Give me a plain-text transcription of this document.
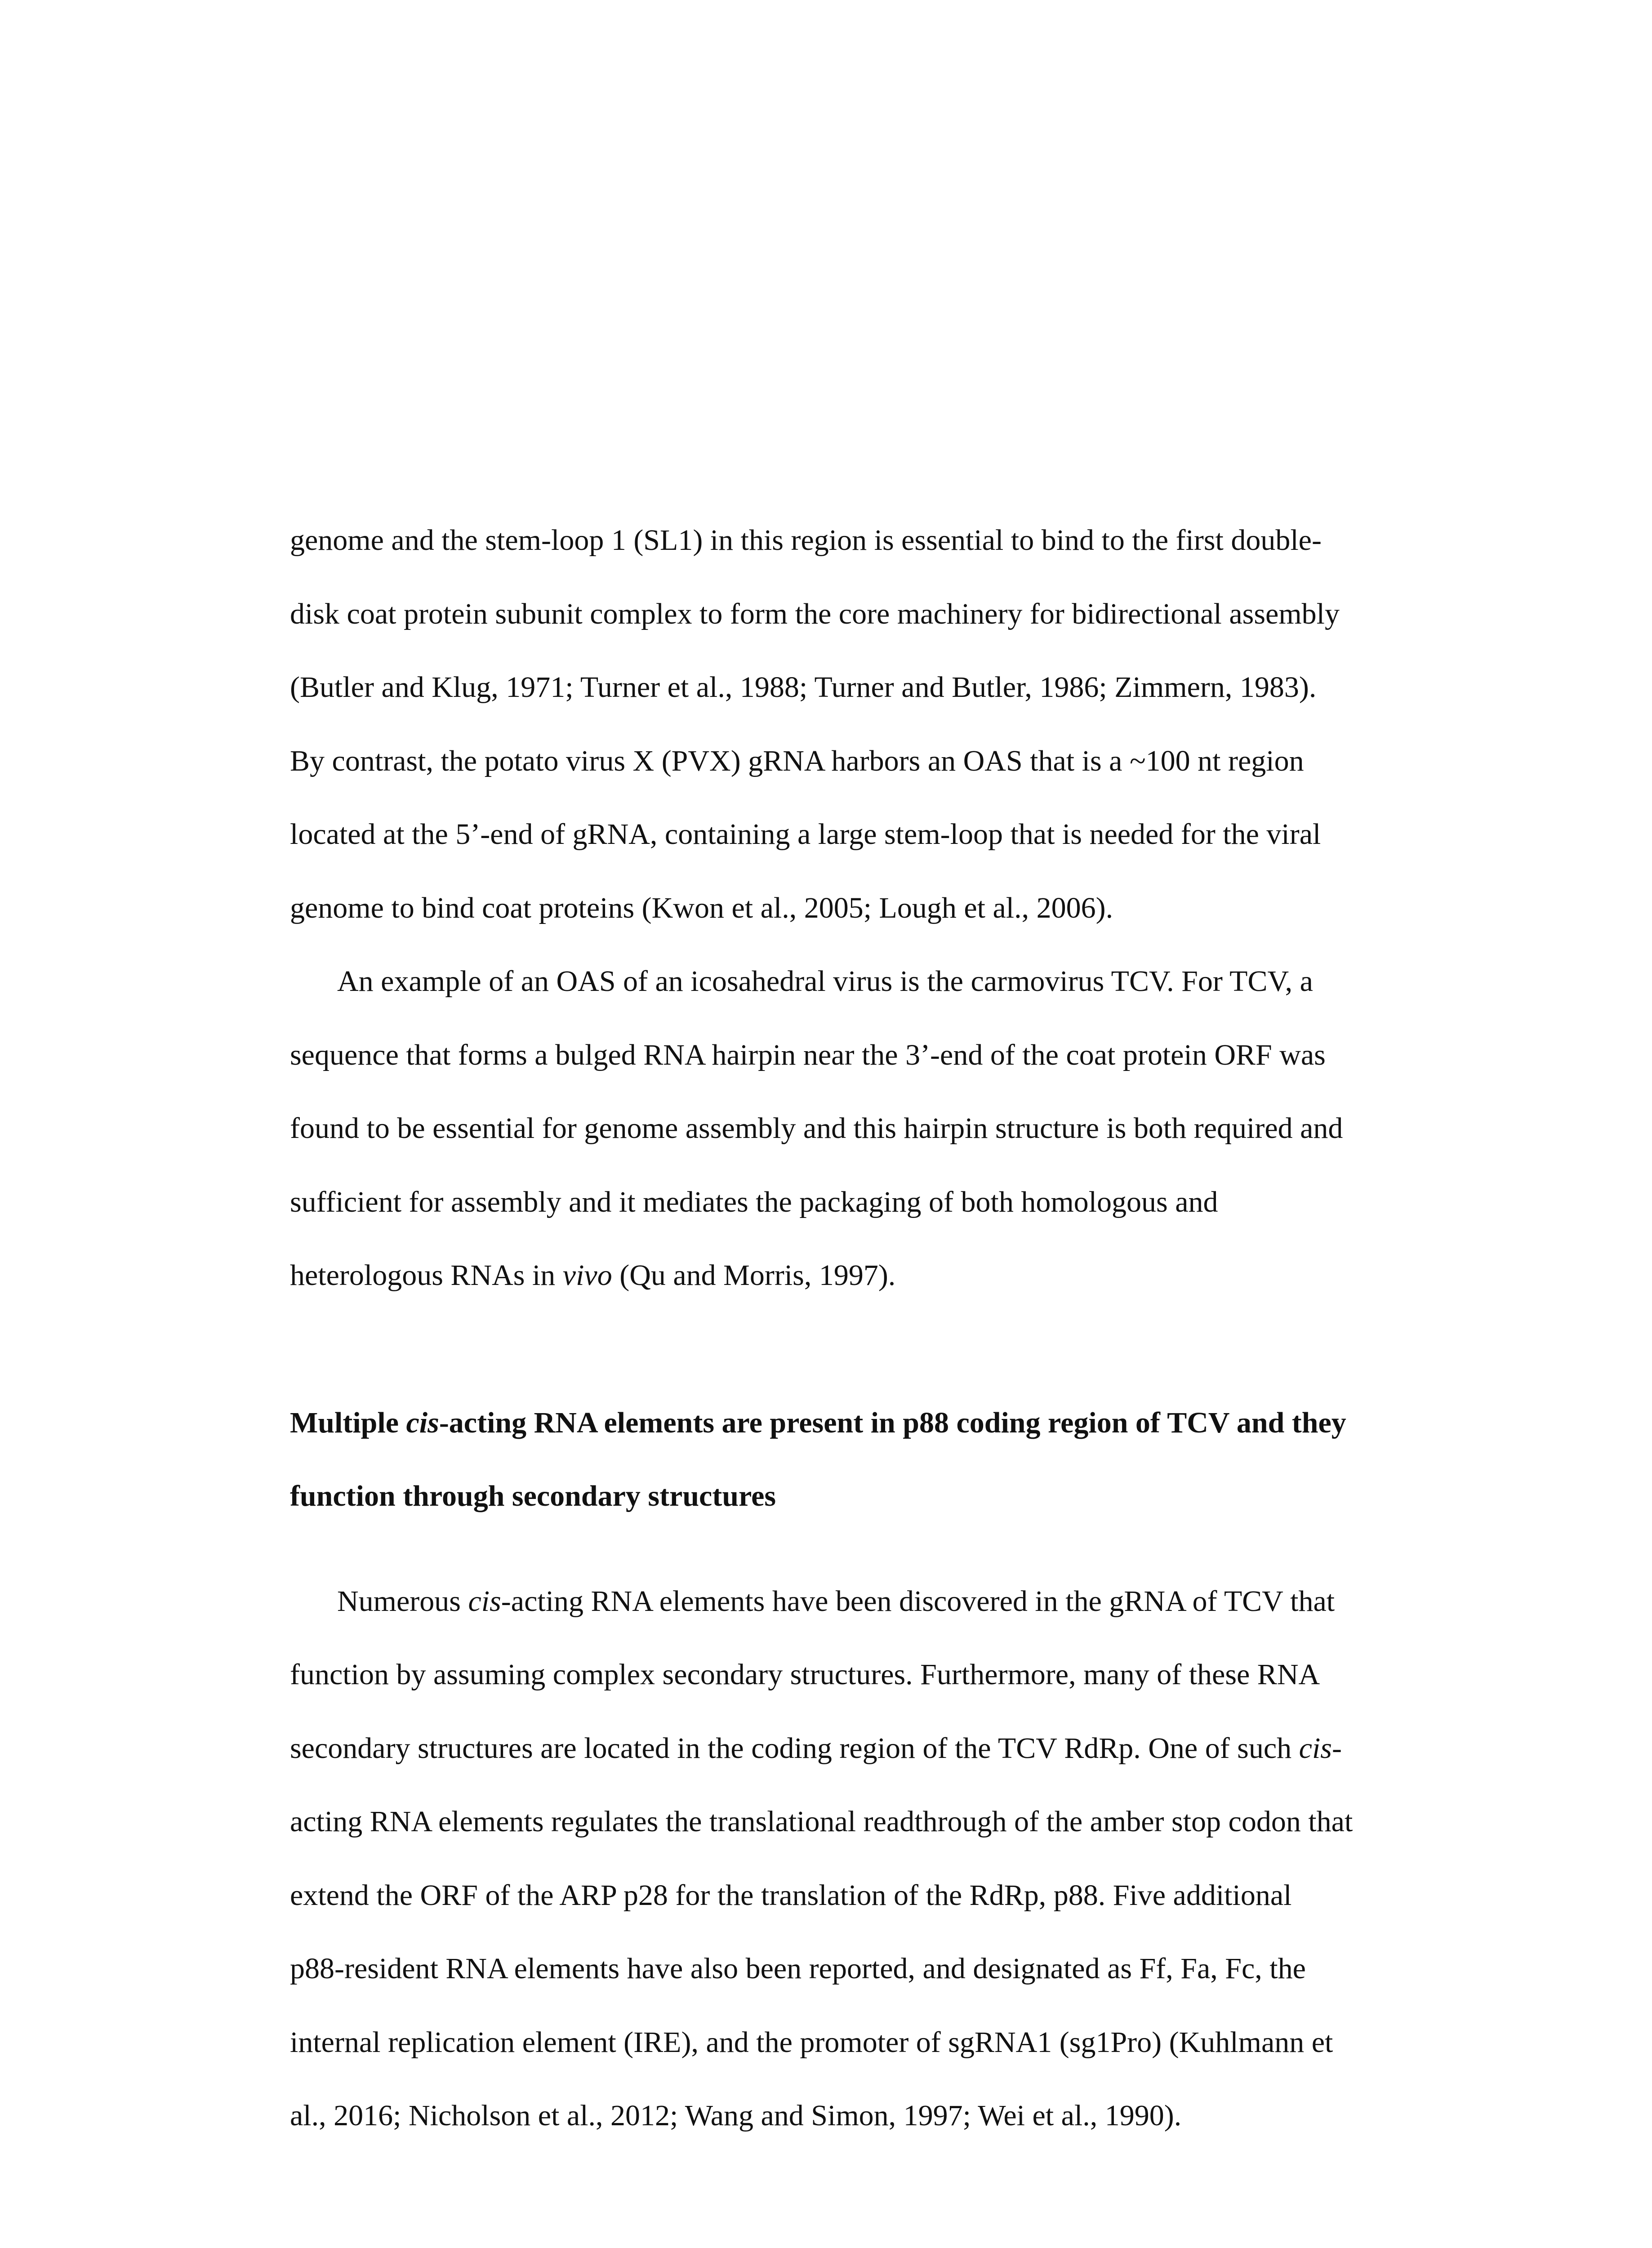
genome and the stem-loop 1 (SL1) in this region is essential to bind to the first double-
disk coat protein subunit complex to form the core machinery for bidirectional assembly
(Butler and Klug, 1971; Turner et al., 1988; Turner and Butler, 1986; Zimmern, 1983).
By contrast, the potato virus X (PVX) gRNA harbors an OAS that is a ~100 nt region
located at the 5’-end of gRNA, containing a large stem-loop that is needed for the viral
genome to bind coat proteins (Kwon et al., 2005; Lough et al., 2006).

An example of an OAS of an icosahedral virus is the carmovirus TCV. For TCV, a
sequence that forms a bulged RNA hairpin near the 3’-end of the coat protein ORF was
found to be essential for genome assembly and this hairpin structure is both required and
sufficient for assembly and it mediates the packaging of both homologous and
heterologous RNAs in vivo (Qu and Morris, 1997).

Multiple cis-acting RNA elements are present in p88 coding region of TCV and they
function through secondary structures

Numerous cis-acting RNA elements have been discovered in the gRNA of TCV that
function by assuming complex secondary structures. Furthermore, many of these RNA
secondary structures are located in the coding region of the TCV RdRp. One of such cis-
acting RNA elements regulates the translational readthrough of the amber stop codon that
extend the ORF of the ARP p28 for the translation of the RdRp, p88. Five additional
p88-resident RNA elements have also been reported, and designated as Ff, Fa, Fc, the
internal replication element (IRE), and the promoter of sgRNA1 (sg1Pro) (Kuhlmann et
al., 2016; Nicholson et al., 2012; Wang and Simon, 1997; Wei et al., 1990).
